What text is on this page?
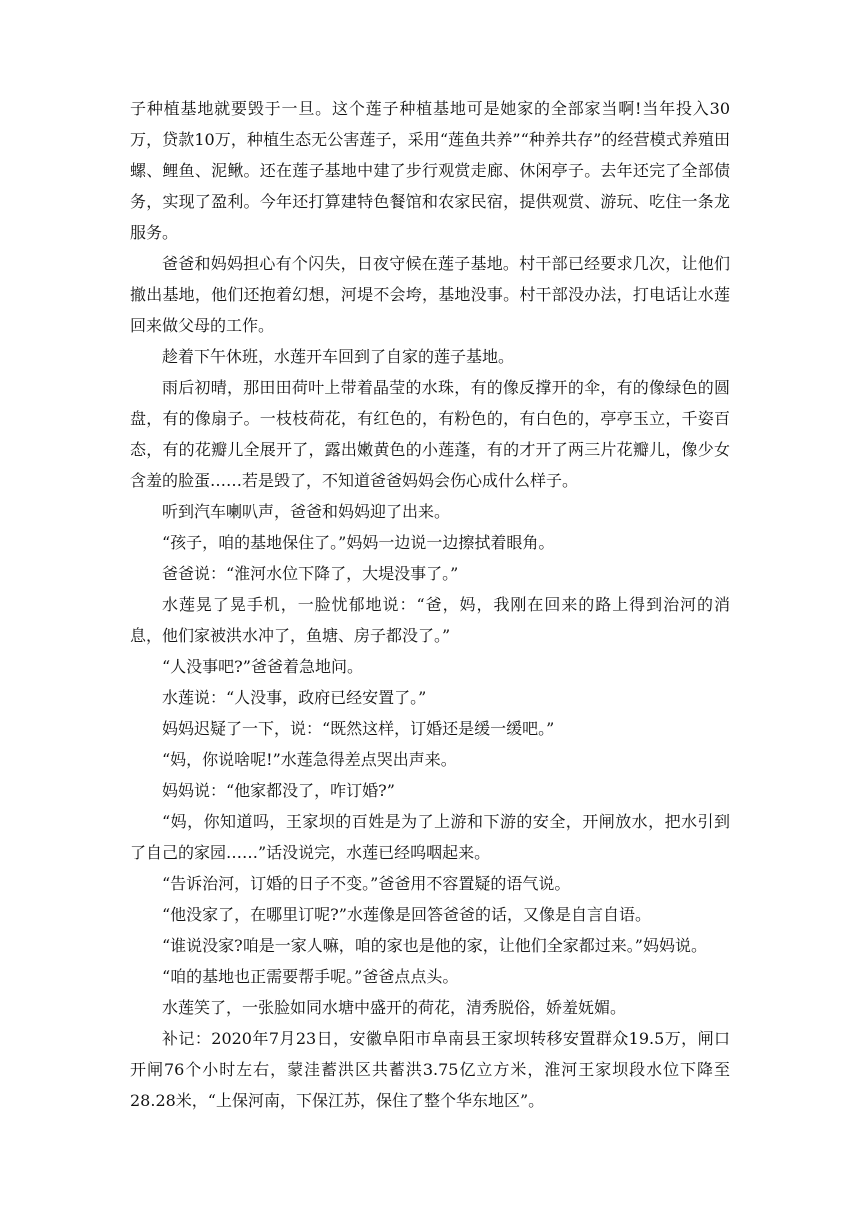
子种植基地就要毁于一旦。这个莲子种植基地可是她家的全部家当啊!当年投入30万，贷款10万，种植生态无公害莲子，采用“莲鱼共养”“种养共存”的经营模式养殖田螺、鲤鱼、泥鳅。还在莲子基地中建了步行观赏走廊、休闲亭子。去年还完了全部债务，实现了盈利。今年还打算建特色餐馆和农家民宿，提供观赏、游玩、吃住一条龙服务。

爸爸和妈妈担心有个闪失，日夜守候在莲子基地。村干部已经要求几次，让他们撤出基地，他们还抱着幻想，河堤不会垮，基地没事。村干部没办法，打电话让水莲回来做父母的工作。

趁着下午休班，水莲开车回到了自家的莲子基地。

雨后初晴，那田田荷叶上带着晶莹的水珠，有的像反撑开的伞，有的像绿色的圆盘，有的像扇子。一枝枝荷花，有红色的，有粉色的，有白色的，亭亭玉立，千姿百态，有的花瓣儿全展开了，露出嫩黄色的小莲蓬，有的才开了两三片花瓣儿，像少女含羞的脸蛋……若是毁了，不知道爸爸妈妈会伤心成什么样子。

听到汽车喇叭声，爸爸和妈妈迎了出来。

“孩子，咱的基地保住了。”妈妈一边说一边擦拭着眼角。

爸爸说：“淮河水位下降了，大堤没事了。”

水莲晃了晃手机，一脸忧郁地说：“爸，妈，我刚在回来的路上得到治河的消息，他们家被洪水冲了，鱼塘、房子都没了。”

“人没事吧?”爸爸着急地问。

水莲说：“人没事，政府已经安置了。”

妈妈迟疑了一下，说：“既然这样，订婚还是缓一缓吧。”

“妈，你说啥呢!”水莲急得差点哭出声来。

妈妈说：“他家都没了，咋订婚?”

“妈，你知道吗，王家坝的百姓是为了上游和下游的安全，开闸放水，把水引到了自己的家园……”话没说完，水莲已经呜咽起来。

“告诉治河，订婚的日子不变。”爸爸用不容置疑的语气说。

“他没家了，在哪里订呢?”水莲像是回答爸爸的话，又像是自言自语。

“谁说没家?咱是一家人嘛，咱的家也是他的家，让他们全家都过来。”妈妈说。

“咱的基地也正需要帮手呢。”爸爸点点头。

水莲笑了，一张脸如同水塘中盛开的荷花，清秀脱俗，娇羞妩媚。

补记：2020年7月23日，安徽阜阳市阜南县王家坝转移安置群众19.5万，闸口开闸76个小时左右，蒙洼蓄洪区共蓄洪3.75亿立方米，淮河王家坝段水位下降至28.28米，“上保河南，下保江苏，保住了整个华东地区”。
